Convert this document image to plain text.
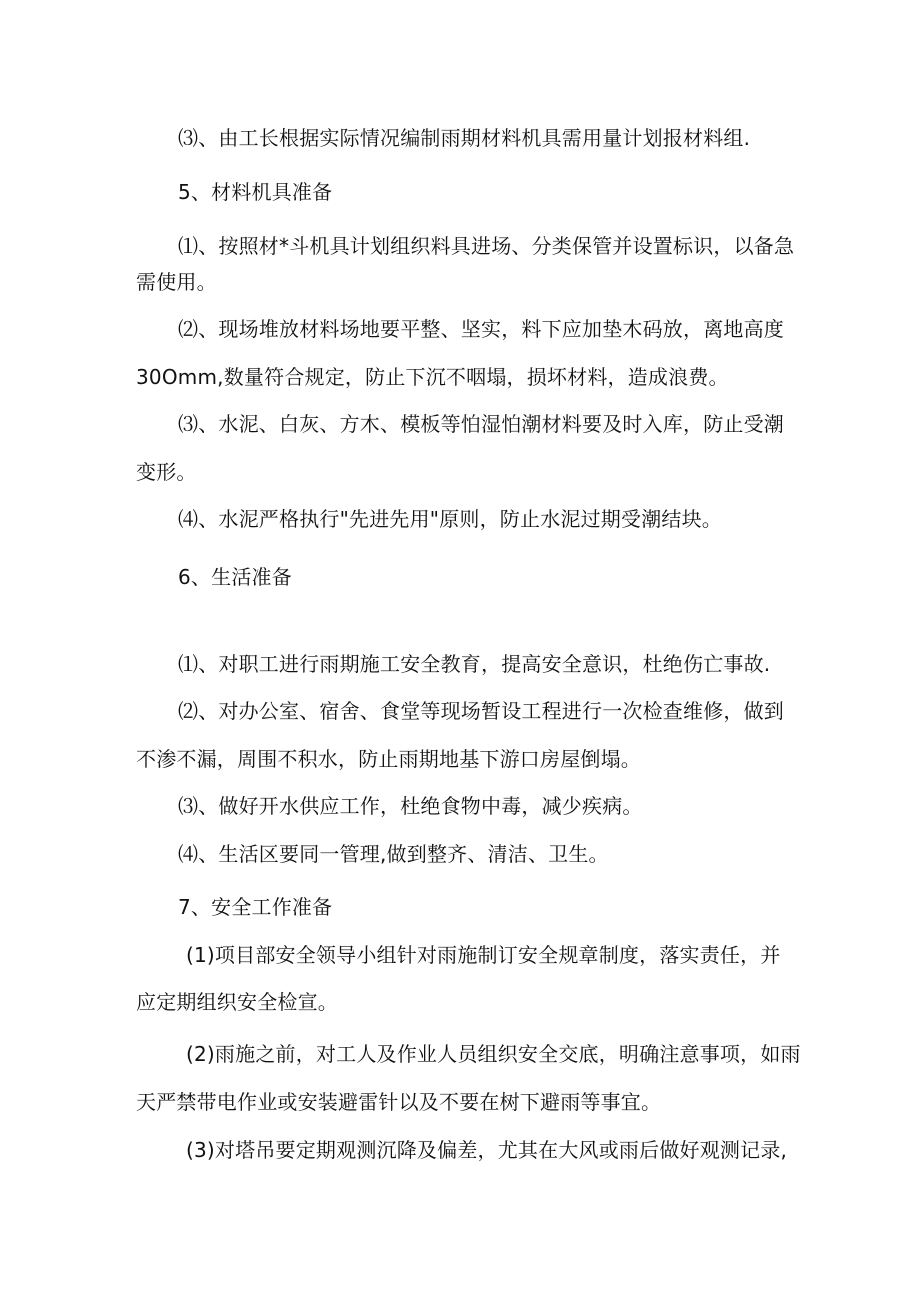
⑶、由工长根据实际情况编制雨期材料机具需用量计划报材料组.

5、材料机具准备

⑴、按照材*斗机具计划组织料具进场、分类保管并设置标识，以备急

需使用。

⑵、现场堆放材料场地要平整、坚实，料下应加垫木码放，离地高度

30Omm,数量符合规定，防止下沉不咽塌，损坏材料，造成浪费。

⑶、水泥、白灰、方木、模板等怕湿怕潮材料要及时入库，防止受潮

变形。

⑷、水泥严格执行"先进先用"原则，防止水泥过期受潮结块。

6、生活准备

⑴、对职工进行雨期施工安全教育，提高安全意识，杜绝伤亡事故.

⑵、对办公室、宿舍、食堂等现场暂设工程进行一次检查维修，做到

不渗不漏，周围不积水，防止雨期地基下游口房屋倒塌。

⑶、做好开水供应工作，杜绝食物中毒，减少疾病。

⑷、生活区要同一管理,做到整齐、清洁、卫生。

7、安全工作准备

(1)项目部安全领导小组针对雨施制订安全规章制度，落实责任，并

应定期组织安全检宣。

(2)雨施之前，对工人及作业人员组织安全交底，明确注意事项，如雨

天严禁带电作业或安装避雷针以及不要在树下避雨等事宜。

(3)对塔吊要定期观测沉降及偏差，尤其在大风或雨后做好观测记录,
